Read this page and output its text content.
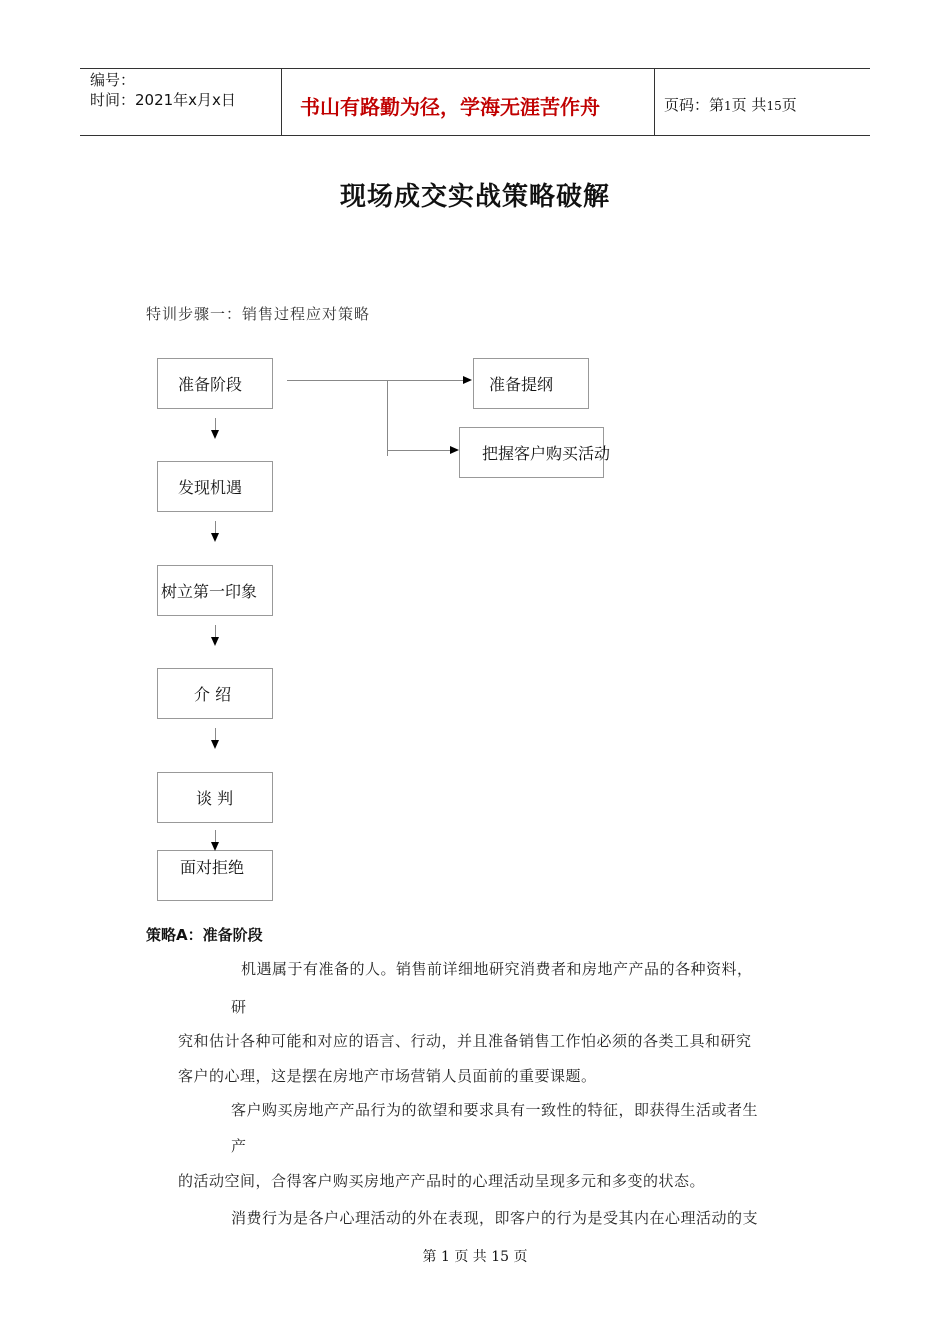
编号：
时间：2021年x月x日	书山有路勤为径，学海无涯苦作舟	页码：第1页 共15页
现场成交实战策略破解
特训步骤一：销售过程应对策略
准备阶段
发现机遇
树立第一印象
介 绍
谈 判
面对拒绝
准备提纲
把握客户购买活动
策略A：准备阶段
机遇属于有准备的人。销售前详细地研究消费者和房地产产品的各种资料，
研
究和估计各种可能和对应的语言、行动，并且准备销售工作怕必须的各类工具和研究
客户的心理，这是摆在房地产市场营销人员面前的重要课题。
客户购买房地产产品行为的欲望和要求具有一致性的特征，即获得生活或者生
产
的活动空间，合得客户购买房地产产品时的心理活动呈现多元和多变的状态。
消费行为是各户心理活动的外在表现，即客户的行为是受其内在心理活动的支
第 1 页 共 15 页
